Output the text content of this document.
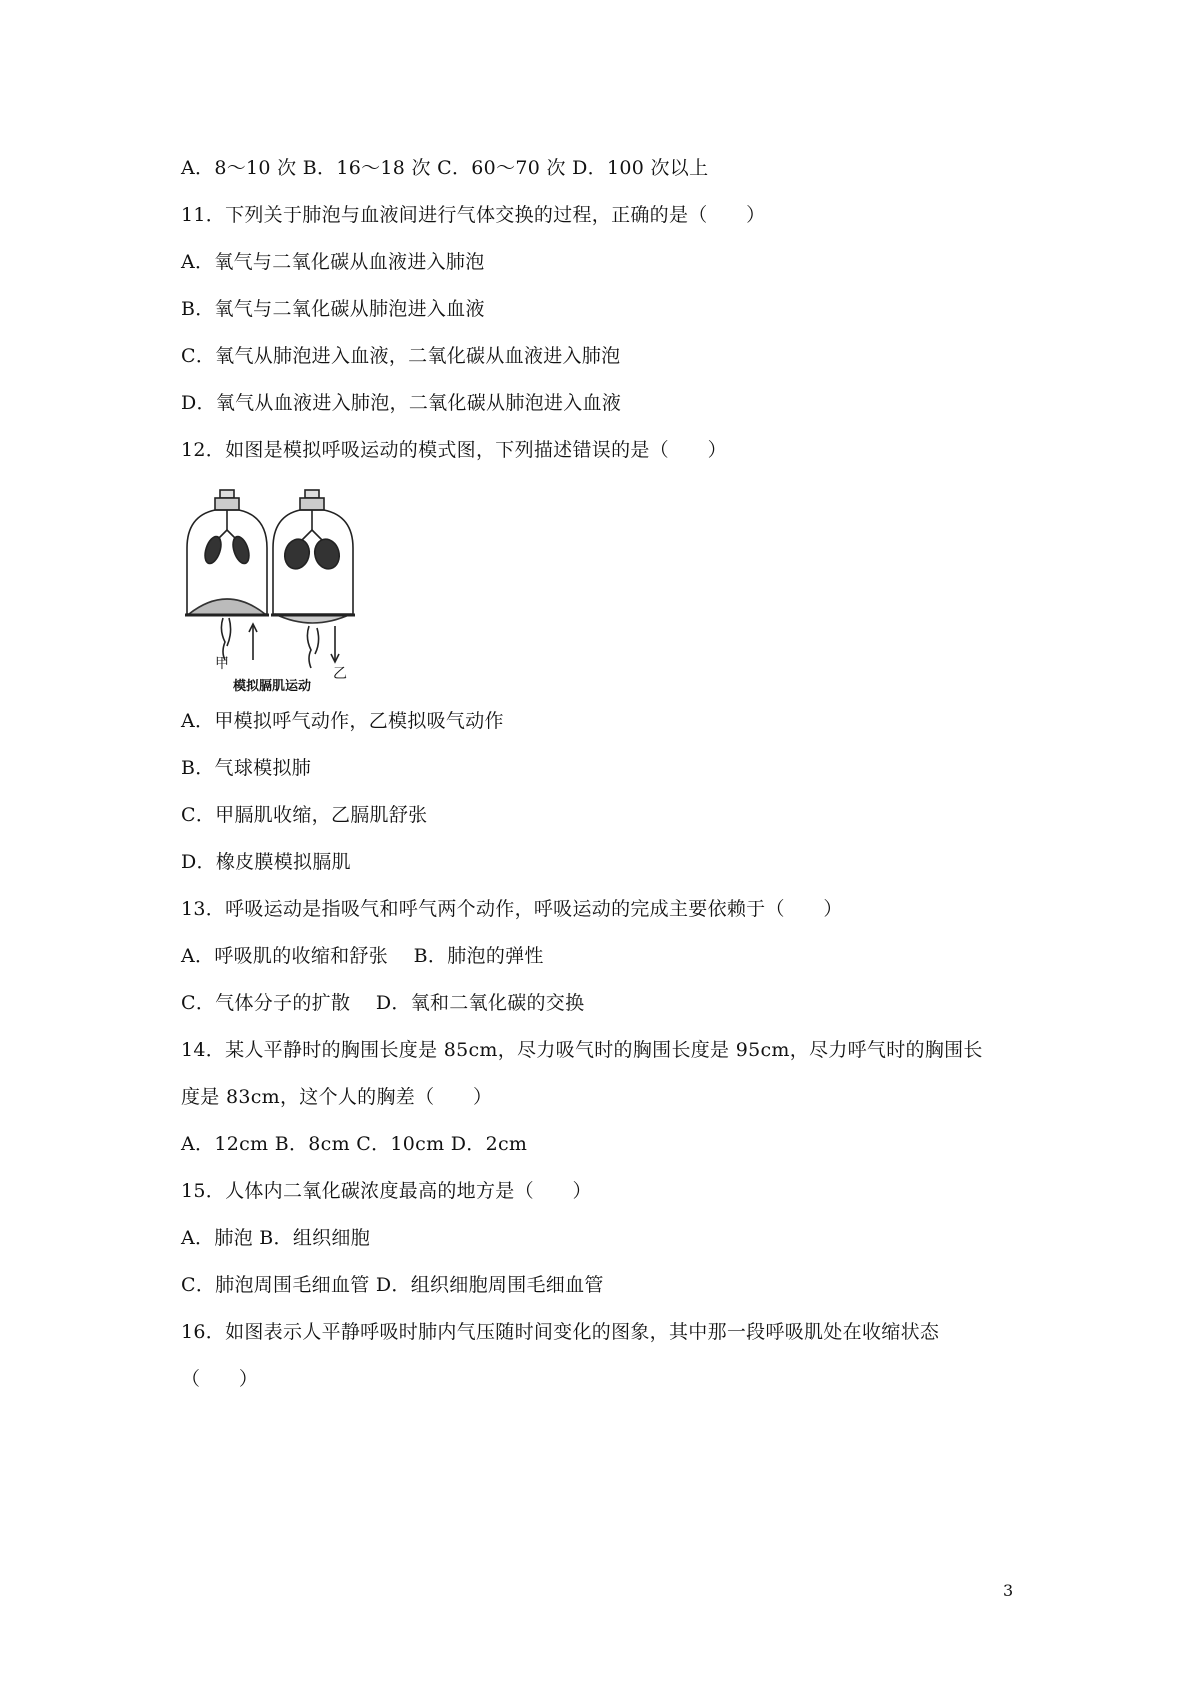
A．8～10 次 B．16～18 次 C．60～70 次 D．100 次以上

11．下列关于肺泡与血液间进行气体交换的过程，正确的是（　　）

A．氧气与二氧化碳从血液进入肺泡

B．氧气与二氧化碳从肺泡进入血液

C．氧气从肺泡进入血液，二氧化碳从血液进入肺泡

D．氧气从血液进入肺泡，二氧化碳从肺泡进入血液

12．如图是模拟呼吸运动的模式图，下列描述错误的是（　　）

甲
乙
模拟膈肌运动

A．甲模拟呼气动作，乙模拟吸气动作

B．气球模拟肺

C．甲膈肌收缩，乙膈肌舒张

D．橡皮膜模拟膈肌

13．呼吸运动是指吸气和呼气两个动作，呼吸运动的完成主要依赖于（　　）

A．呼吸肌的收缩和舒张　 B．肺泡的弹性

C．气体分子的扩散　 D．氧和二氧化碳的交换

14．某人平静时的胸围长度是 85cm，尽力吸气时的胸围长度是 95cm，尽力呼气时的胸围长

度是 83cm，这个人的胸差（　　）

A．12cm B．8cm C．10cm D．2cm

15．人体内二氧化碳浓度最高的地方是（　　）

A．肺泡 B．组织细胞

C．肺泡周围毛细血管 D．组织细胞周围毛细血管

16．如图表示人平静呼吸时肺内气压随时间变化的图象，其中那一段呼吸肌处在收缩状态

（　　）

3
